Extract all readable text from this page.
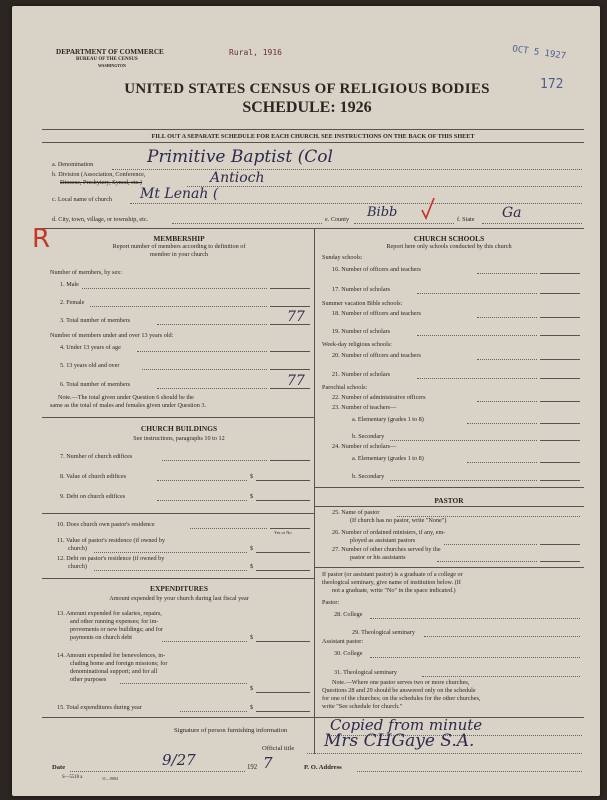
DEPARTMENT OF COMMERCE
BUREAU OF THE CENSUS
WASHINGTON
Rural, 1916	OCT 5 1927
172
UNITED STATES CENSUS OF RELIGIOUS BODIES
SCHEDULE: 1926
FILL OUT A SEPARATE SCHEDULE FOR EACH CHURCH. SEE INSTRUCTIONS ON THE BACK OF THIS SHEET
a. Denomination	Primitive Baptist (Col
b. Division (Association, Conference,
Diocese, Presbytery, Synod, etc.)	Antioch
c. Local name of church Mt Lenah (
d. City, town, village, or township, etc.	e. County Bibb	f. State Ga
R	MEMBERSHIP
Report number of members according to definition of
member in your church
Number of members, by sex:
1. Male
2. Female
3. Total number of members	77
Number of members under and over 13 years old:
4. Under 13 years of age
5. 13 years old and over
6. Total number of members	77
Note.—The total given under Question 6 should be the
same as the total of males and females given under Question 3.
CHURCH BUILDINGS
See instructions, paragraphs 10 to 12
7. Number of church edifices
8. Value of church edifices	$
9. Debt on church edifices	$
10. Does church own pastor's residence
Yes or No
11. Value of pastor's residence (if owned by
church)	$
12. Debt on pastor's residence (if owned by
church)	$
EXPENDITURES
Amount expended by your church during last fiscal year
13. Amount expended for salaries, repairs,
and other running expenses; for im-
provements or new buildings; and for
payments on church debt	$
14. Amount expended for benevolences, in-
cluding home and foreign missions; for
denominational support; and for all
other purposes
$
15. Total expenditures during year	$
CHURCH SCHOOLS
Report here only schools conducted by this church
Sunday schools:
16. Number of officers and teachers
17. Number of scholars
Summer vacation Bible schools:
18. Number of officers and teachers
19. Number of scholars
Week-day religious schools:
20. Number of officers and teachers
21. Number of scholars
Parochial schools:
22. Number of administrative officers
23. Number of teachers—
a. Elementary (grades 1 to 8)
b. Secondary
24. Number of scholars—
a. Elementary (grades 1 to 8)
b. Secondary
PASTOR
25. Name of pastor
(If church has no pastor, write "None")
26. Number of ordained ministers, if any, em-
ployed as assistant pastors
27. Number of other churches served by the
pastor or his assistants
If pastor (or assistant pastor) is a graduate of a college or
theological seminary, give name of institution below. (If
not a graduate, write "No" in the space indicated.)
Pastor:
28. College
29. Theological seminary
Assistant pastor:
30. College
31. Theological seminary
Note.—Where one pastor serves two or more churches,
Questions 28 and 29 should be answered only on the schedule
for one of the churches; on the schedules for the other churches,
write "See schedule for church."
Signature of person furnishing information	Copied from minute
Official title Mrs CHGaye S.A.
Date	9/27	192 7	P. O. Address
S—5518 a	11—9084
